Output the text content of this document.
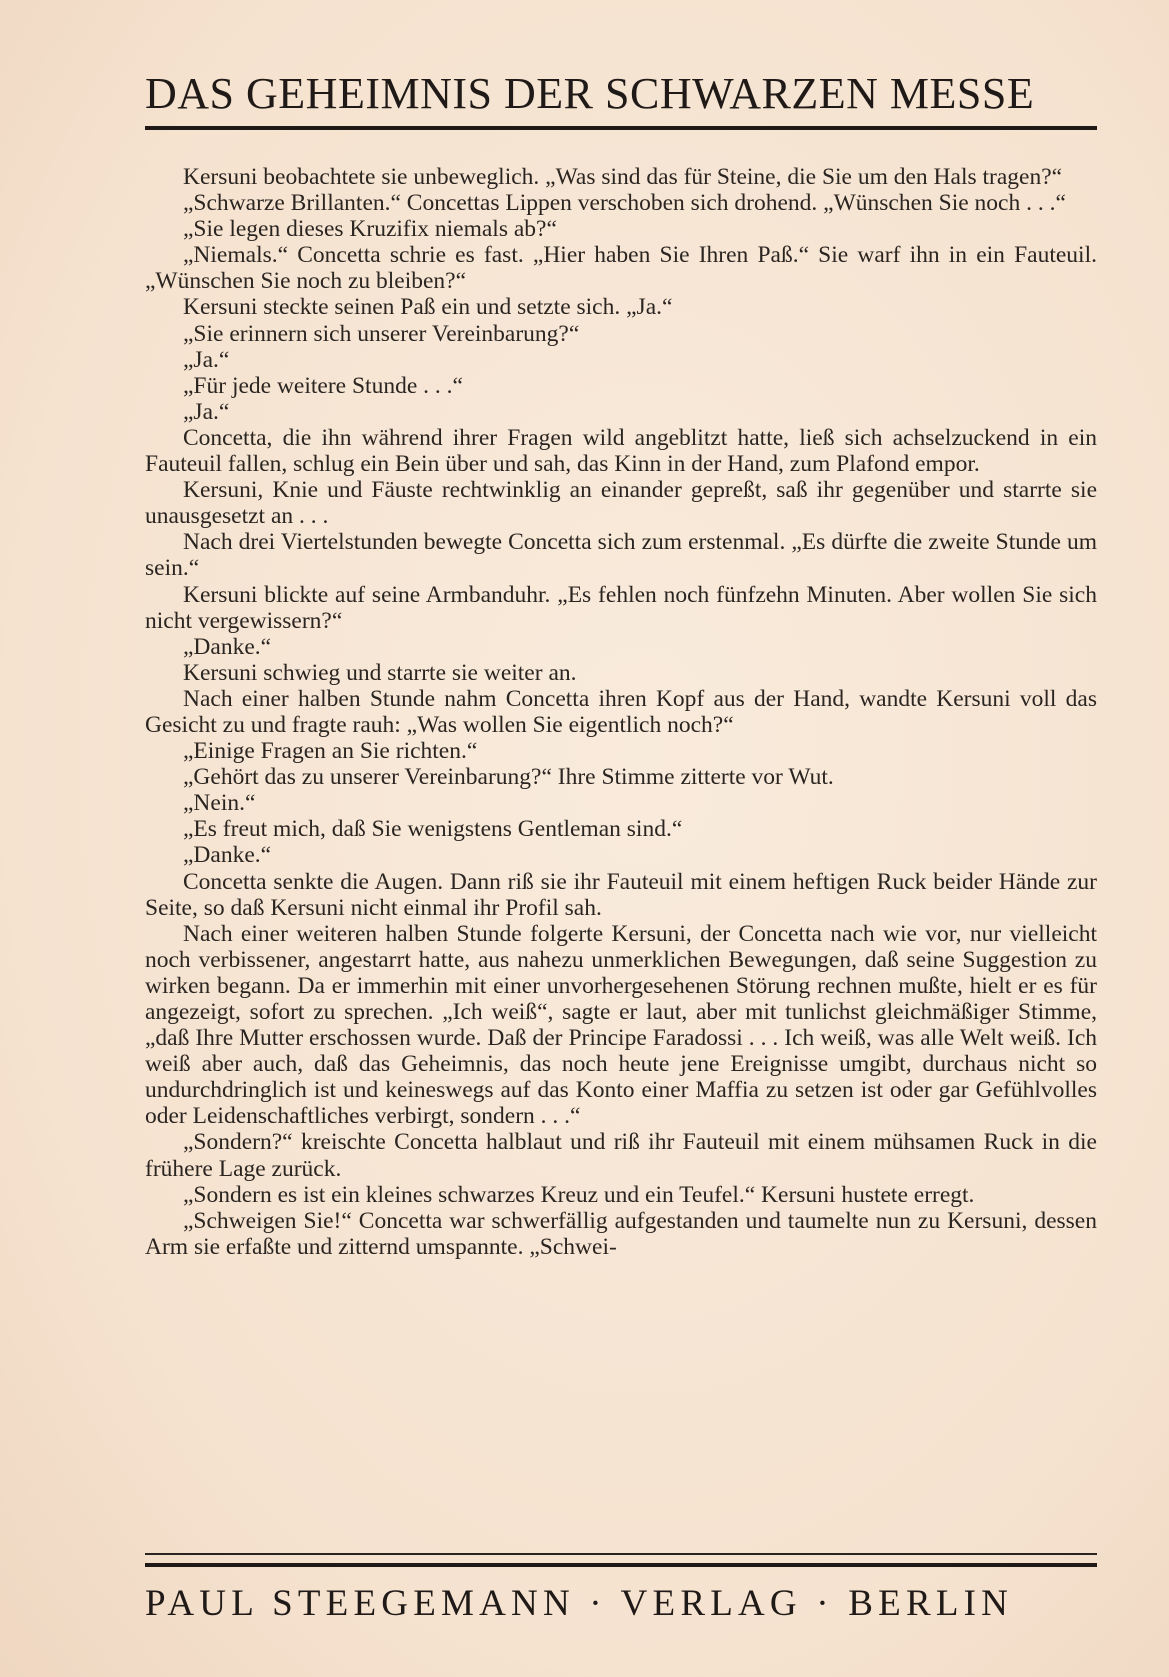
DAS GEHEIMNIS DER SCHWARZEN MESSE

Kersuni beobachtete sie unbeweglich. „Was sind das für Steine, die Sie um den Hals tragen?“

„Schwarze Brillanten.“ Concettas Lippen verschoben sich drohend. „Wünschen Sie noch . . .“

„Sie legen dieses Kruzifix niemals ab?“

„Niemals.“ Concetta schrie es fast. „Hier haben Sie Ihren Paß.“ Sie warf ihn in ein Fauteuil. „Wünschen Sie noch zu bleiben?“

Kersuni steckte seinen Paß ein und setzte sich. „Ja.“

„Sie erinnern sich unserer Vereinbarung?“

„Ja.“

„Für jede weitere Stunde . . .“

„Ja.“

Concetta, die ihn während ihrer Fragen wild angeblitzt hatte, ließ sich achselzuckend in ein Fauteuil fallen, schlug ein Bein über und sah, das Kinn in der Hand, zum Plafond empor.

Kersuni, Knie und Fäuste rechtwinklig an einander gepreßt, saß ihr gegenüber und starrte sie unausgesetzt an . . .

Nach drei Viertelstunden bewegte Concetta sich zum erstenmal. „Es dürfte die zweite Stunde um sein.“

Kersuni blickte auf seine Armbanduhr. „Es fehlen noch fünfzehn Minuten. Aber wollen Sie sich nicht vergewissern?“

„Danke.“

Kersuni schwieg und starrte sie weiter an.

Nach einer halben Stunde nahm Concetta ihren Kopf aus der Hand, wandte Kersuni voll das Gesicht zu und fragte rauh: „Was wollen Sie eigentlich noch?“

„Einige Fragen an Sie richten.“

„Gehört das zu unserer Vereinbarung?“ Ihre Stimme zitterte vor Wut.

„Nein.“

„Es freut mich, daß Sie wenigstens Gentleman sind.“

„Danke.“

Concetta senkte die Augen. Dann riß sie ihr Fauteuil mit einem heftigen Ruck beider Hände zur Seite, so daß Kersuni nicht einmal ihr Profil sah.

Nach einer weiteren halben Stunde folgerte Kersuni, der Concetta nach wie vor, nur vielleicht noch verbissener, angestarrt hatte, aus nahezu unmerklichen Bewegungen, daß seine Suggestion zu wirken begann. Da er immerhin mit einer unvorhergesehenen Störung rechnen mußte, hielt er es für angezeigt, sofort zu sprechen. „Ich weiß“, sagte er laut, aber mit tunlichst gleichmäßiger Stimme, „daß Ihre Mutter erschossen wurde. Daß der Principe Faradossi . . . Ich weiß, was alle Welt weiß. Ich weiß aber auch, daß das Geheimnis, das noch heute jene Ereignisse umgibt, durchaus nicht so undurchdringlich ist und keineswegs auf das Konto einer Maffia zu setzen ist oder gar Gefühlvolles oder Leidenschaftliches verbirgt, sondern . . .“

„Sondern?“ kreischte Concetta halblaut und riß ihr Fauteuil mit einem mühsamen Ruck in die frühere Lage zurück.

„Sondern es ist ein kleines schwarzes Kreuz und ein Teufel.“ Kersuni hustete erregt.

„Schweigen Sie!“ Concetta war schwerfällig aufgestanden und taumelte nun zu Kersuni, dessen Arm sie erfaßte und zitternd umspannte. „Schwei-

PAUL STEEGEMANN · VERLAG · BERLIN
